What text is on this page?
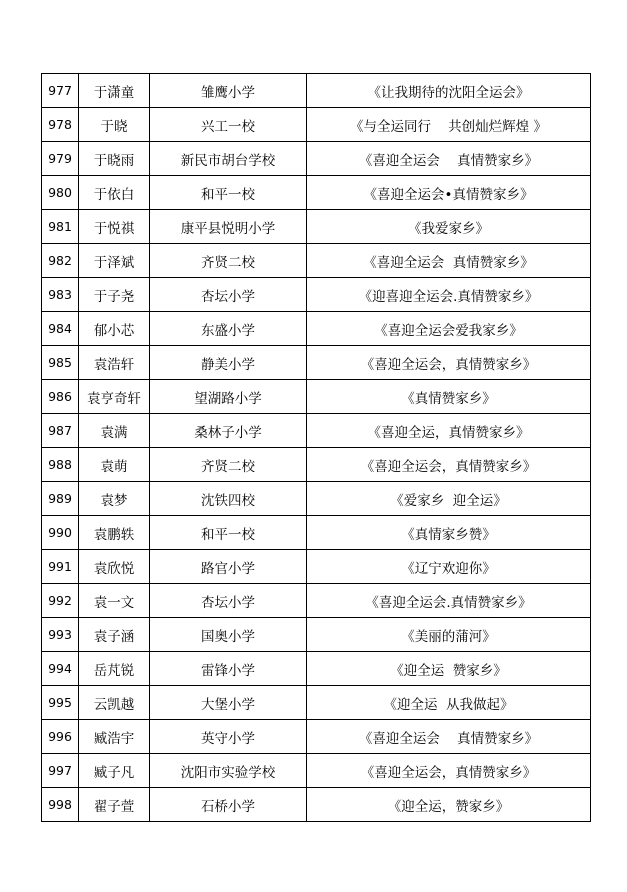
977	于潇童	雏鹰小学	《让我期待的沈阳全运会》
978	于晓	兴工一校	《与全运同行    共创灿烂辉煌 》
979	于晓雨	新民市胡台学校	《喜迎全运会    真情赞家乡》
980	于依白	和平一校	《喜迎全运会•真情赞家乡》
981	于悦祺	康平县悦明小学	《我爱家乡》
982	于泽斌	齐贤二校	《喜迎全运会  真情赞家乡》
983	于子尧	杏坛小学	《迎喜迎全运会.真情赞家乡》
984	郁小芯	东盛小学	《喜迎全运会爱我家乡》
985	袁浩轩	静美小学	《喜迎全运会，真情赞家乡》
986	袁亨奇轩	望湖路小学	《真情赞家乡》
987	袁满	桑林子小学	《喜迎全运，真情赞家乡》
988	袁萌	齐贤二校	《喜迎全运会，真情赞家乡》
989	袁梦	沈铁四校	《爱家乡  迎全运》
990	袁鹏轶	和平一校	《真情家乡赞》
991	袁欣悦	路官小学	《辽宁欢迎你》
992	袁一文	杏坛小学	《喜迎全运会.真情赞家乡》
993	袁子涵	国奥小学	《美丽的蒲河》
994	岳芃锐	雷锋小学	《迎全运  赞家乡》
995	云凯越	大堡小学	《迎全运  从我做起》
996	臧浩宇	英守小学	《喜迎全运会    真情赞家乡》
997	臧子凡	沈阳市实验学校	《喜迎全运会，真情赞家乡》
998	翟子萱	石桥小学	《迎全运，赞家乡》
